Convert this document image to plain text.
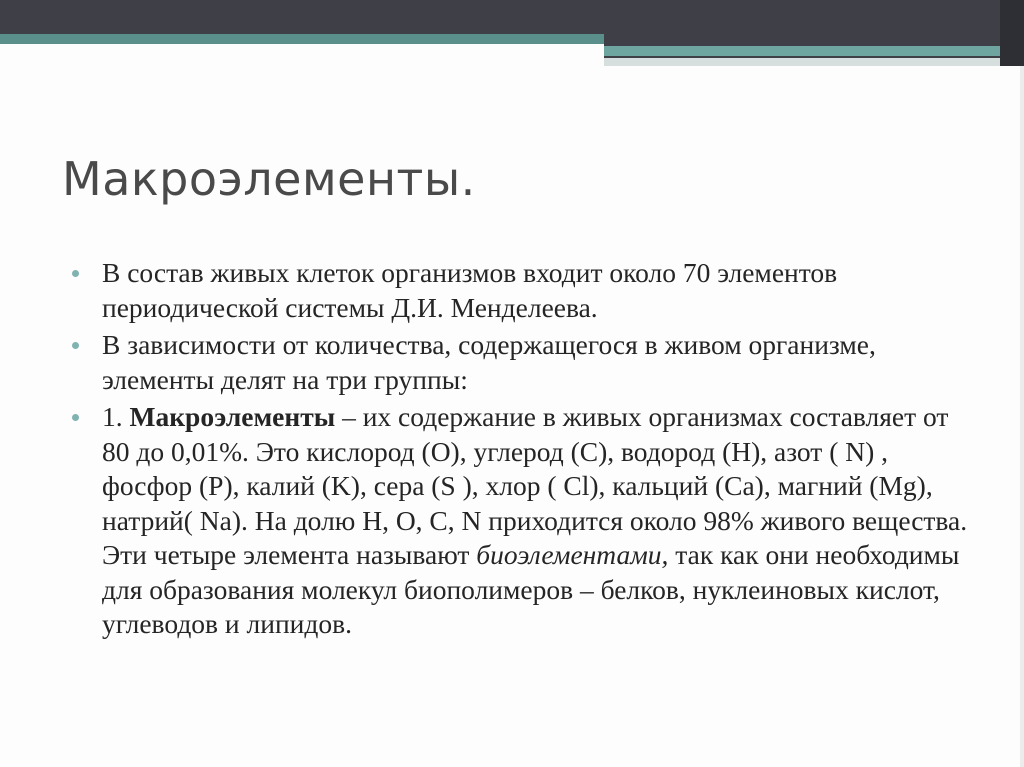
Макроэлементы.
В состав живых клеток организмов входит около 70 элементов периодической системы Д.И. Менделеева.
В зависимости от количества, содержащегося в живом организме, элементы делят на три группы:
1. Макроэлементы – их содержание в живых организмах составляет от 80 до 0,01%. Это кислород (O), углерод (C), водород (H), азот ( N) , фосфор (P), калий (K), сера (S ), хлор ( Cl), кальций (Ca), магний (Mg), натрий( Na). На долю H, O, C, N приходится около 98% живого вещества. Эти четыре элемента называют биоэлементами, так как они необходимы для образования молекул биополимеров – белков, нуклеиновых кислот, углеводов и липидов.
